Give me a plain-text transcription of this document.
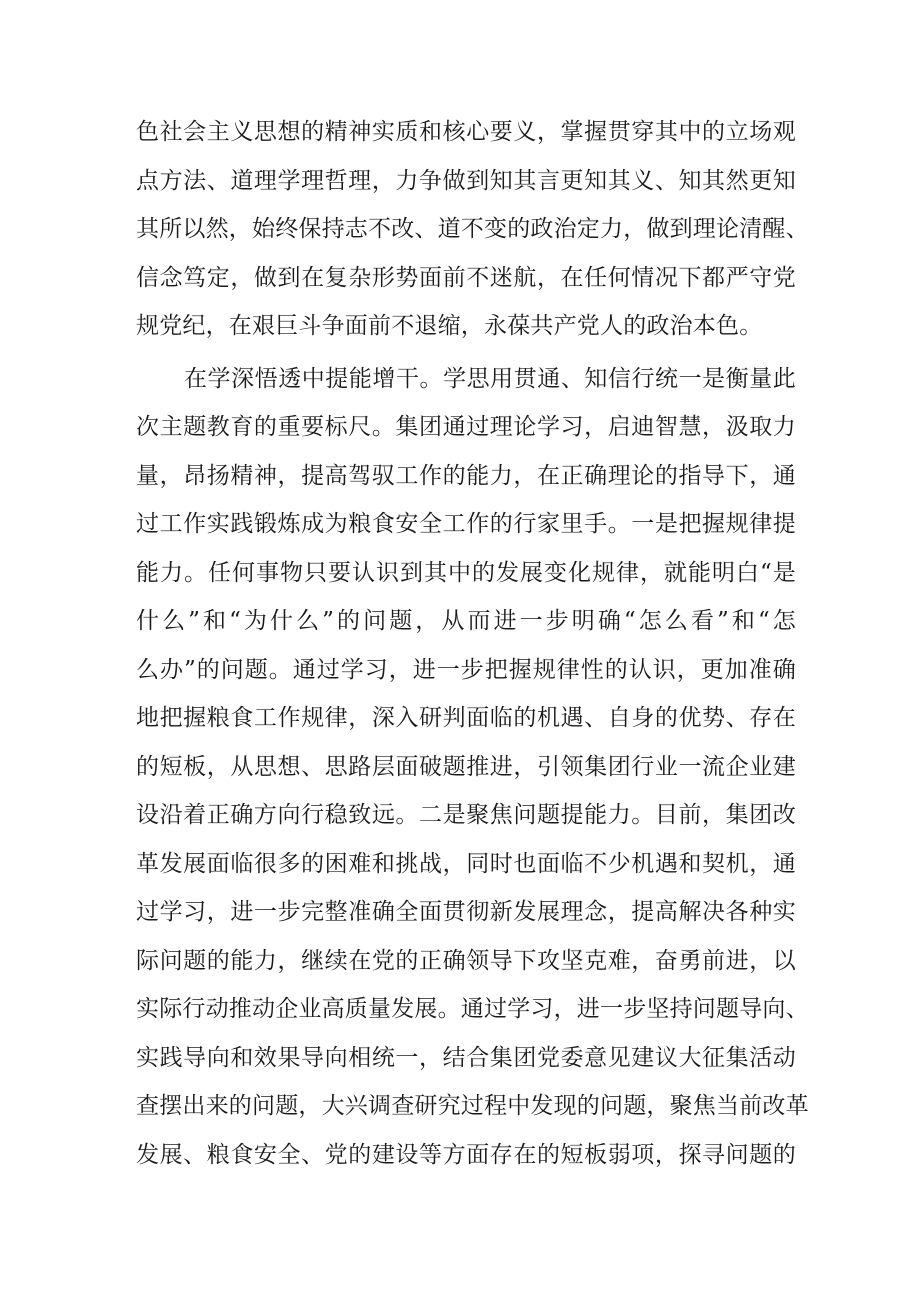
色社会主义思想的精神实质和核心要义，掌握贯穿其中的立场观
点方法、道理学理哲理，力争做到知其言更知其义、知其然更知
其所以然，始终保持志不改、道不变的政治定力，做到理论清醒、
信念笃定，做到在复杂形势面前不迷航，在任何情况下都严守党
规党纪，在艰巨斗争面前不退缩，永葆共产党人的政治本色。
在学深悟透中提能增干。学思用贯通、知信行统一是衡量此
次主题教育的重要标尺。集团通过理论学习，启迪智慧，汲取力
量，昂扬精神，提高驾驭工作的能力，在正确理论的指导下，通
过工作实践锻炼成为粮食安全工作的行家里手。一是把握规律提
能力。任何事物只要认识到其中的发展变化规律，就能明白“是
什么”和“为什么”的问题，从而进一步明确“怎么看”和“怎
么办”的问题。通过学习，进一步把握规律性的认识，更加准确
地把握粮食工作规律，深入研判面临的机遇、自身的优势、存在
的短板，从思想、思路层面破题推进，引领集团行业一流企业建
设沿着正确方向行稳致远。二是聚焦问题提能力。目前，集团改
革发展面临很多的困难和挑战，同时也面临不少机遇和契机，通
过学习，进一步完整准确全面贯彻新发展理念，提高解决各种实
际问题的能力，继续在党的正确领导下攻坚克难，奋勇前进，以
实际行动推动企业高质量发展。通过学习，进一步坚持问题导向、
实践导向和效果导向相统一，结合集团党委意见建议大征集活动
查摆出来的问题，大兴调查研究过程中发现的问题，聚焦当前改革
发展、粮食安全、党的建设等方面存在的短板弱项，探寻问题的
